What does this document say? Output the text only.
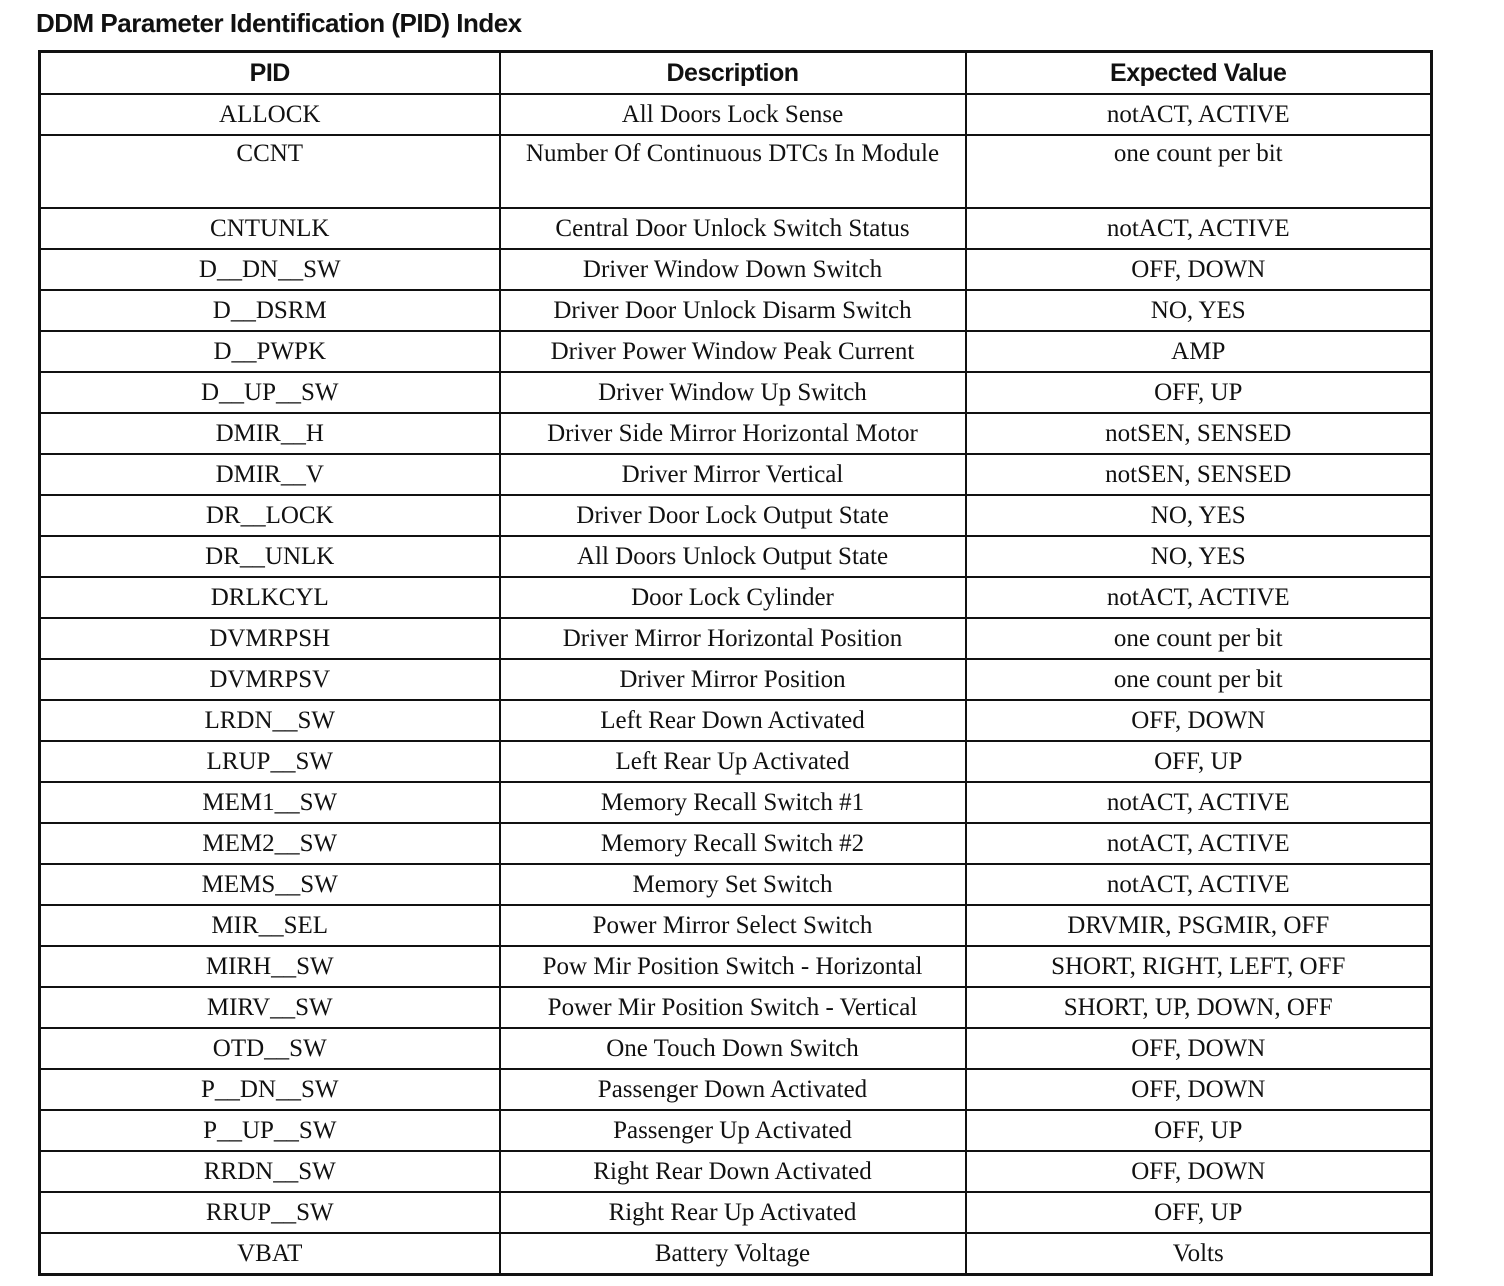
DDM Parameter Identification (PID) Index
PID	Description	Expected Value
ALLOCK	All Doors Lock Sense	notACT, ACTIVE
CCNT	Number Of Continuous DTCs In Module	one count per bit
CNTUNLK	Central Door Unlock Switch Status	notACT, ACTIVE
D__DN__SW	Driver Window Down Switch	OFF, DOWN
D__DSRM	Driver Door Unlock Disarm Switch	NO, YES
D__PWPK	Driver Power Window Peak Current	AMP
D__UP__SW	Driver Window Up Switch	OFF, UP
DMIR__H	Driver Side Mirror Horizontal Motor	notSEN, SENSED
DMIR__V	Driver Mirror Vertical	notSEN, SENSED
DR__LOCK	Driver Door Lock Output State	NO, YES
DR__UNLK	All Doors Unlock Output State	NO, YES
DRLKCYL	Door Lock Cylinder	notACT, ACTIVE
DVMRPSH	Driver Mirror Horizontal Position	one count per bit
DVMRPSV	Driver Mirror Position	one count per bit
LRDN__SW	Left Rear Down Activated	OFF, DOWN
LRUP__SW	Left Rear Up Activated	OFF, UP
MEM1__SW	Memory Recall Switch #1	notACT, ACTIVE
MEM2__SW	Memory Recall Switch #2	notACT, ACTIVE
MEMS__SW	Memory Set Switch	notACT, ACTIVE
MIR__SEL	Power Mirror Select Switch	DRVMIR, PSGMIR, OFF
MIRH__SW	Pow Mir Position Switch - Horizontal	SHORT, RIGHT, LEFT, OFF
MIRV__SW	Power Mir Position Switch - Vertical	SHORT, UP, DOWN, OFF
OTD__SW	One Touch Down Switch	OFF, DOWN
P__DN__SW	Passenger Down Activated	OFF, DOWN
P__UP__SW	Passenger Up Activated	OFF, UP
RRDN__SW	Right Rear Down Activated	OFF, DOWN
RRUP__SW	Right Rear Up Activated	OFF, UP
VBAT	Battery Voltage	Volts
